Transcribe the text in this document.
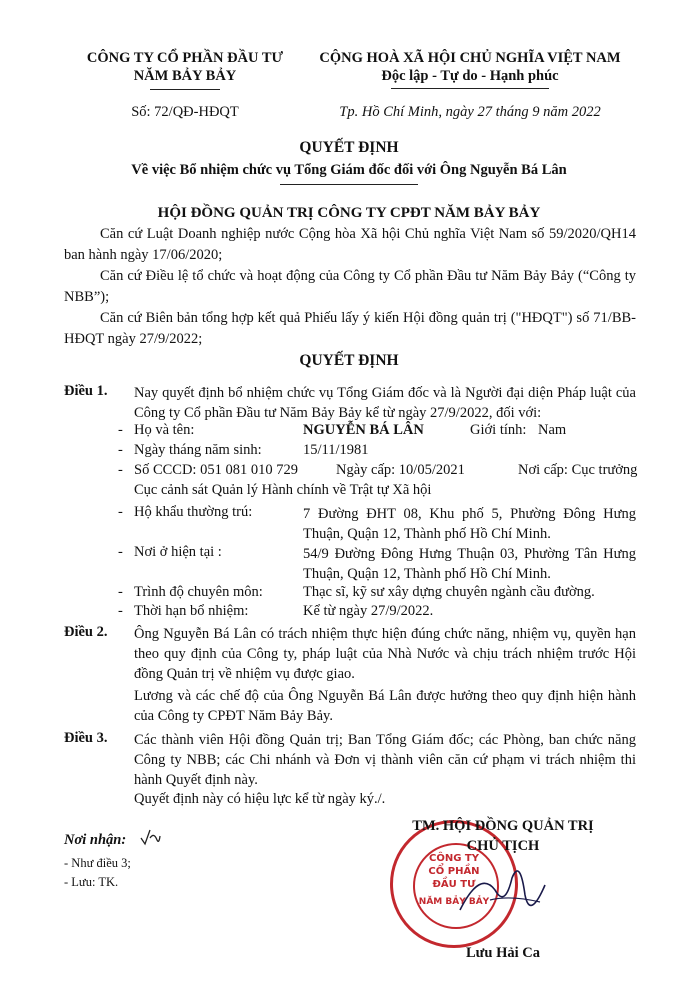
CÔNG TY CỔ PHẦN ĐẦU TƯ
NĂM BẢY BẢY
Số: 72/QĐ-HĐQT
CỘNG HOÀ XÃ HỘI CHỦ NGHĨA VIỆT NAM
Độc lập - Tự do - Hạnh phúc
Tp. Hồ Chí Minh, ngày 27 tháng 9 năm 2022
QUYẾT ĐỊNH
Về việc Bổ nhiệm chức vụ Tổng Giám đốc đối với Ông Nguyễn Bá Lân
HỘI ĐỒNG QUẢN TRỊ CÔNG TY CPĐT NĂM BẢY BẢY
Căn cứ Luật Doanh nghiệp nước Cộng hòa Xã hội Chủ nghĩa Việt Nam số 59/2020/QH14 ban hành ngày 17/06/2020;
Căn cứ Điều lệ tổ chức và hoạt động của Công ty Cổ phần Đầu tư Năm Bảy Bảy (“Công ty NBB”);
Căn cứ Biên bản tổng hợp kết quả Phiếu lấy ý kiến Hội đồng quản trị ("HĐQT") số 71/BB-HĐQT ngày 27/9/2022;
QUYẾT ĐỊNH
Điều 1. Nay quyết định bổ nhiệm chức vụ Tổng Giám đốc và là Người đại diện Pháp luật của Công ty Cổ phần Đầu tư Năm Bảy Bảy kể từ ngày 27/9/2022, đối với:
- Họ và tên:	NGUYỄN BÁ LÂN	Giới tính: Nam
- Ngày tháng năm sinh:	15/11/1981
- Số CCCD: 051 081 010 729	Ngày cấp: 10/05/2021	Nơi cấp: Cục trưởng
Cục cảnh sát Quản lý Hành chính về Trật tự Xã hội
- Hộ khẩu thường trú:	7 Đường ĐHT 08, Khu phố 5, Phường Đông Hưng Thuận, Quận 12, Thành phố Hồ Chí Minh.
- Nơi ở hiện tại :	54/9 Đường Đông Hưng Thuận 03, Phường Tân Hưng Thuận, Quận 12, Thành phố Hồ Chí Minh.
- Trình độ chuyên môn:	Thạc sĩ, kỹ sư xây dựng chuyên ngành cầu đường.
- Thời hạn bổ nhiệm:	Kể từ ngày 27/9/2022.
Điều 2. Ông Nguyễn Bá Lân có trách nhiệm thực hiện đúng chức năng, nhiệm vụ, quyền hạn theo quy định của Công ty, pháp luật của Nhà Nước và chịu trách nhiệm trước Hội đồng Quản trị về nhiệm vụ được giao.
Lương và các chế độ của Ông Nguyễn Bá Lân được hưởng theo quy định hiện hành của Công ty CPĐT Năm Bảy Bảy.
Điều 3. Các thành viên Hội đồng Quản trị; Ban Tổng Giám đốc; các Phòng, ban chức năng Công ty NBB; các Chi nhánh và Đơn vị thành viên căn cứ phạm vi trách nhiệm thi hành Quyết định này.
Quyết định này có hiệu lực kể từ ngày ký./.
Nơi nhận:
- Như điều 3;
- Lưu: TK.
CÔNG TY
CỔ PHẦN
ĐẦU TƯ
NĂM BẢY BẢY
TM. HỘI ĐỒNG QUẢN TRỊ
CHỦ TỊCH
Lưu Hải Ca
